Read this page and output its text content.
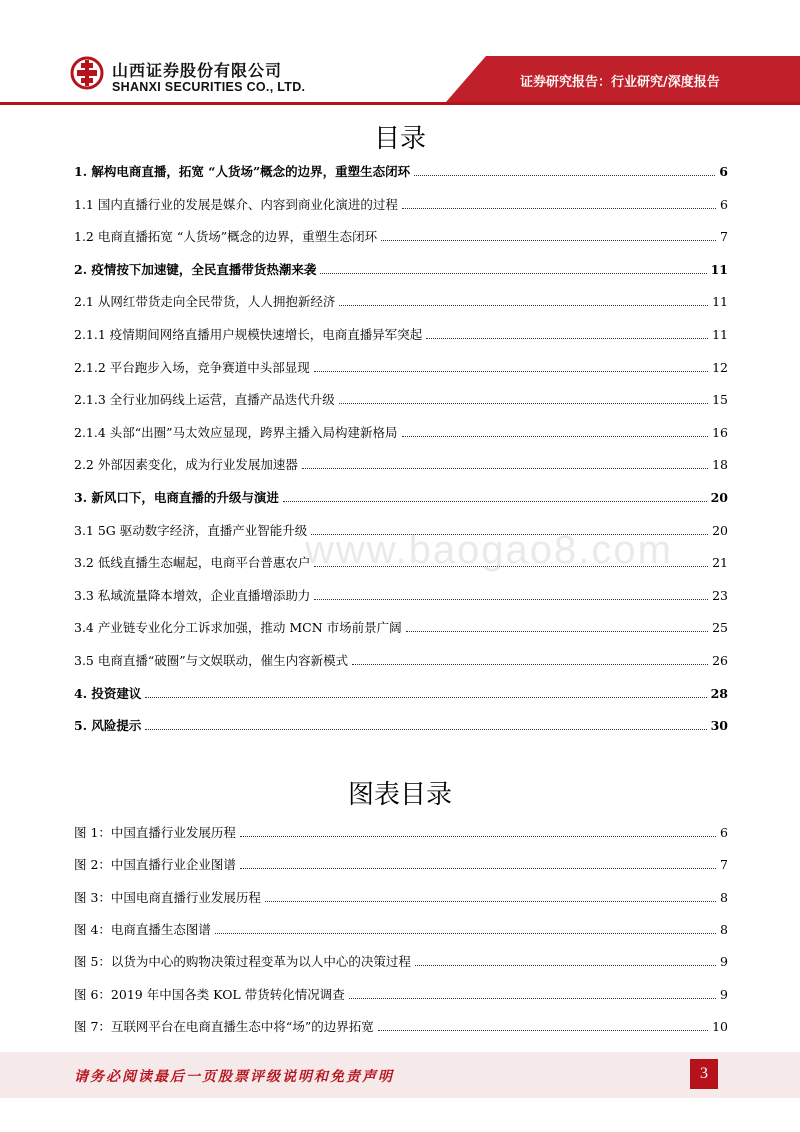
山西证券股份有限公司
SHANXI SECURITIES CO., LTD.	证券研究报告：行业研究/深度报告
目录
1. 解构电商直播，拓宽 “人货场”概念的边界，重塑生态闭环	6
1.1 国内直播行业的发展是媒介、内容到商业化演进的过程	6
1.2 电商直播拓宽 “人货场”概念的边界，重塑生态闭环	7
2. 疫情按下加速键，全民直播带货热潮来袭	11
2.1 从网红带货走向全民带货，人人拥抱新经济	11
2.1.1 疫情期间网络直播用户规模快速增长，电商直播异军突起	11
2.1.2 平台跑步入场，竞争赛道中头部显现	12
2.1.3 全行业加码线上运营，直播产品迭代升级	15
2.1.4 头部“出圈”马太效应显现，跨界主播入局构建新格局	16
2.2 外部因素变化，成为行业发展加速器	18
3. 新风口下，电商直播的升级与演进	20
3.1 5G 驱动数字经济，直播产业智能升级	20
3.2 低线直播生态崛起，电商平台普惠农户	21
3.3 私域流量降本增效，企业直播增添助力	23
3.4 产业链专业化分工诉求加强，推动 MCN 市场前景广阔	25
3.5 电商直播“破圈”与文娱联动，催生内容新模式	26
4. 投资建议	28
5. 风险提示	30
图表目录
图 1：中国直播行业发展历程	6
图 2：中国直播行业企业图谱	7
图 3：中国电商直播行业发展历程	8
图 4：电商直播生态图谱	8
图 5：以货为中心的购物决策过程变革为以人中心的决策过程	9
图 6：2019 年中国各类 KOL 带货转化情况调查	9
图 7：互联网平台在电商直播生态中将“场”的边界拓宽	10
www.baogao8.com
请务必阅读最后一页股票评级说明和免责声明	3
